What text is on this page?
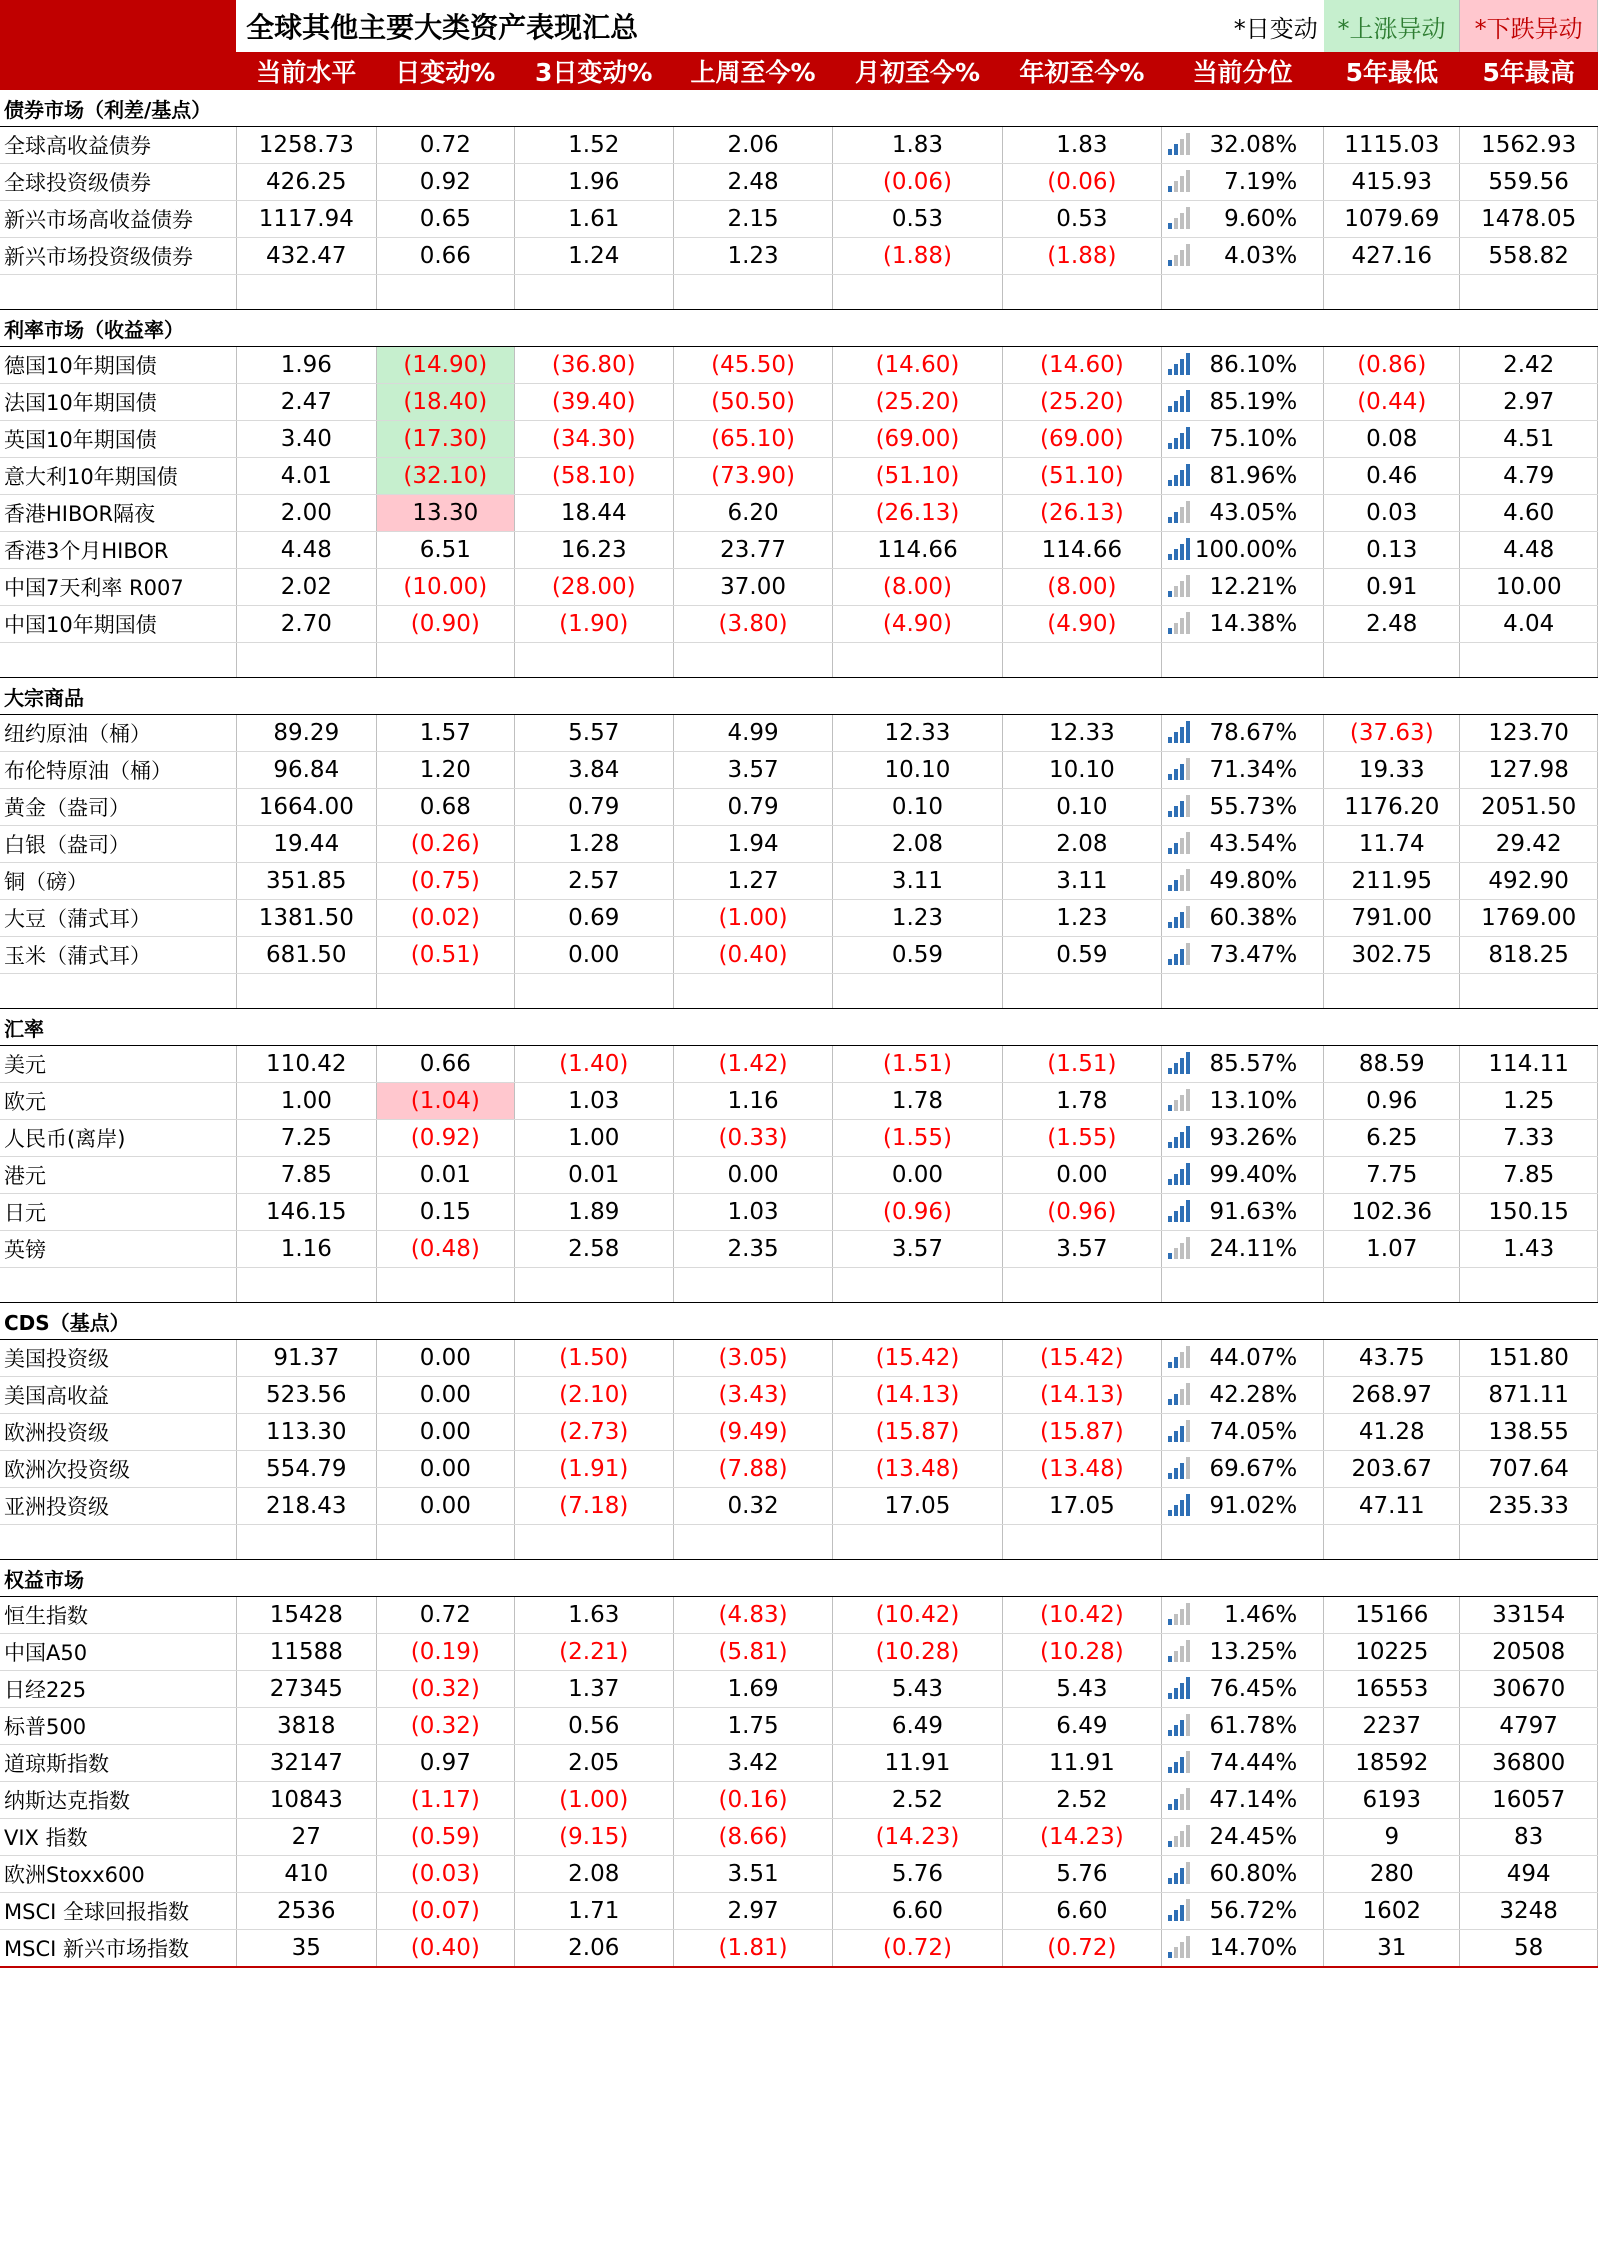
	全球其他主要大类资产表现汇总						*日变动	*上涨异动	*下跌异动
	当前水平	日变动%	3日变动%	上周至今%	月初至今%	年初至今%	当前分位	5年最低	5年最高
债券市场（利差/基点）									
全球高收益债券	1258.73	0.72	1.52	2.06	1.83	1.83	32.08%	1115.03	1562.93
全球投资级债券	426.25	0.92	1.96	2.48	(0.06)	(0.06)	7.19%	415.93	559.56
新兴市场高收益债券	1117.94	0.65	1.61	2.15	0.53	0.53	9.60%	1079.69	1478.05
新兴市场投资级债券	432.47	0.66	1.24	1.23	(1.88)	(1.88)	4.03%	427.16	558.82

利率市场（收益率）									
德国10年期国债	1.96	(14.90)	(36.80)	(45.50)	(14.60)	(14.60)	86.10%	(0.86)	2.42
法国10年期国债	2.47	(18.40)	(39.40)	(50.50)	(25.20)	(25.20)	85.19%	(0.44)	2.97
英国10年期国债	3.40	(17.30)	(34.30)	(65.10)	(69.00)	(69.00)	75.10%	0.08	4.51
意大利10年期国债	4.01	(32.10)	(58.10)	(73.90)	(51.10)	(51.10)	81.96%	0.46	4.79
香港HIBOR隔夜	2.00	13.30	18.44	6.20	(26.13)	(26.13)	43.05%	0.03	4.60
香港3个月HIBOR	4.48	6.51	16.23	23.77	114.66	114.66	100.00%	0.13	4.48
中国7天利率 R007	2.02	(10.00)	(28.00)	37.00	(8.00)	(8.00)	12.21%	0.91	10.00
中国10年期国债	2.70	(0.90)	(1.90)	(3.80)	(4.90)	(4.90)	14.38%	2.48	4.04

大宗商品									
纽约原油（桶）	89.29	1.57	5.57	4.99	12.33	12.33	78.67%	(37.63)	123.70
布伦特原油（桶）	96.84	1.20	3.84	3.57	10.10	10.10	71.34%	19.33	127.98
黄金（盎司）	1664.00	0.68	0.79	0.79	0.10	0.10	55.73%	1176.20	2051.50
白银（盎司）	19.44	(0.26)	1.28	1.94	2.08	2.08	43.54%	11.74	29.42
铜（磅）	351.85	(0.75)	2.57	1.27	3.11	3.11	49.80%	211.95	492.90
大豆（蒲式耳）	1381.50	(0.02)	0.69	(1.00)	1.23	1.23	60.38%	791.00	1769.00
玉米（蒲式耳）	681.50	(0.51)	0.00	(0.40)	0.59	0.59	73.47%	302.75	818.25

汇率									
美元	110.42	0.66	(1.40)	(1.42)	(1.51)	(1.51)	85.57%	88.59	114.11
欧元	1.00	(1.04)	1.03	1.16	1.78	1.78	13.10%	0.96	1.25
人民币(离岸)	7.25	(0.92)	1.00	(0.33)	(1.55)	(1.55)	93.26%	6.25	7.33
港元	7.85	0.01	0.01	0.00	0.00	0.00	99.40%	7.75	7.85
日元	146.15	0.15	1.89	1.03	(0.96)	(0.96)	91.63%	102.36	150.15
英镑	1.16	(0.48)	2.58	2.35	3.57	3.57	24.11%	1.07	1.43

CDS（基点）									
美国投资级	91.37	0.00	(1.50)	(3.05)	(15.42)	(15.42)	44.07%	43.75	151.80
美国高收益	523.56	0.00	(2.10)	(3.43)	(14.13)	(14.13)	42.28%	268.97	871.11
欧洲投资级	113.30	0.00	(2.73)	(9.49)	(15.87)	(15.87)	74.05%	41.28	138.55
欧洲次投资级	554.79	0.00	(1.91)	(7.88)	(13.48)	(13.48)	69.67%	203.67	707.64
亚洲投资级	218.43	0.00	(7.18)	0.32	17.05	17.05	91.02%	47.11	235.33

权益市场									
恒生指数	15428	0.72	1.63	(4.83)	(10.42)	(10.42)	1.46%	15166	33154
中国A50	11588	(0.19)	(2.21)	(5.81)	(10.28)	(10.28)	13.25%	10225	20508
日经225	27345	(0.32)	1.37	1.69	5.43	5.43	76.45%	16553	30670
标普500	3818	(0.32)	0.56	1.75	6.49	6.49	61.78%	2237	4797
道琼斯指数	32147	0.97	2.05	3.42	11.91	11.91	74.44%	18592	36800
纳斯达克指数	10843	(1.17)	(1.00)	(0.16)	2.52	2.52	47.14%	6193	16057
VIX 指数	27	(0.59)	(9.15)	(8.66)	(14.23)	(14.23)	24.45%	9	83
欧洲Stoxx600	410	(0.03)	2.08	3.51	5.76	5.76	60.80%	280	494
MSCI 全球回报指数	2536	(0.07)	1.71	2.97	6.60	6.60	56.72%	1602	3248
MSCI 新兴市场指数	35	(0.40)	2.06	(1.81)	(0.72)	(0.72)	14.70%	31	58
